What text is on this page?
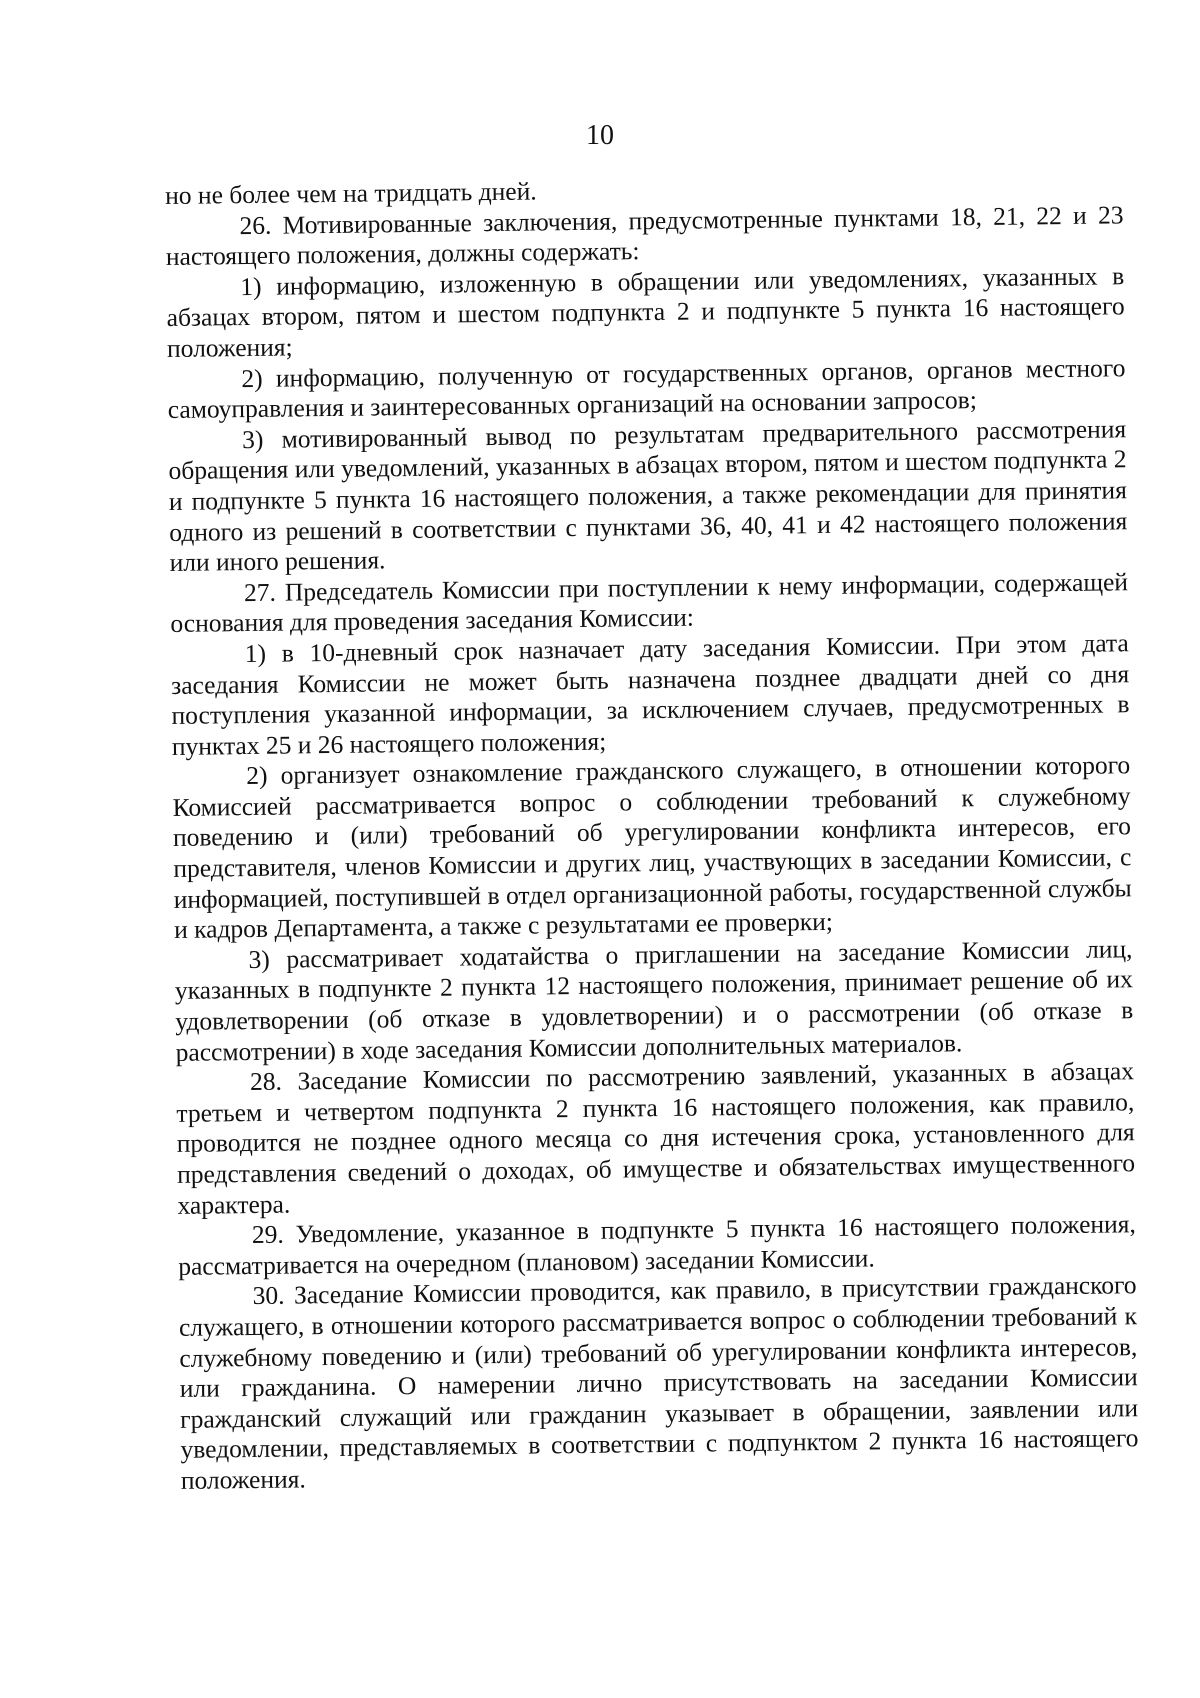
10

но не более чем на тридцать дней.

26. Мотивированные заключения, предусмотренные пунктами 18, 21, 22 и 23 настоящего положения, должны содержать:

1) информацию, изложенную в обращении или уведомлениях, указанных в абзацах втором, пятом и шестом подпункта 2 и подпункте 5 пункта 16 настоящего положения;

2) информацию, полученную от государственных органов, органов местного самоуправления и заинтересованных организаций на основании запросов;

3) мотивированный вывод по результатам предварительного рассмотрения обращения или уведомлений, указанных в абзацах втором, пятом и шестом подпункта 2 и подпункте 5 пункта 16 настоящего положения, а также рекомендации для принятия одного из решений в соответствии с пунктами 36, 40, 41 и 42 настоящего положения или иного решения.

27. Председатель Комиссии при поступлении к нему информации, содержащей основания для проведения заседания Комиссии:

1) в 10-дневный срок назначает дату заседания Комиссии. При этом дата заседания Комиссии не может быть назначена позднее двадцати дней со дня поступления указанной информации, за исключением случаев, предусмотренных в пунктах 25 и 26 настоящего положения;

2) организует ознакомление гражданского служащего, в отношении которого Комиссией рассматривается вопрос о соблюдении требований к служебному поведению и (или) требований об урегулировании конфликта интересов, его представителя, членов Комиссии и других лиц, участвующих в заседании Комиссии, с информацией, поступившей в отдел организационной работы, государственной службы и кадров Департамента, а также с результатами ее проверки;

3) рассматривает ходатайства о приглашении на заседание Комиссии лиц, указанных в подпункте 2 пункта 12 настоящего положения, принимает решение об их удовлетворении (об отказе в удовлетворении) и о рассмотрении (об отказе в рассмотрении) в ходе заседания Комиссии дополнительных материалов.

28. Заседание Комиссии по рассмотрению заявлений, указанных в абзацах третьем и четвертом подпункта 2 пункта 16 настоящего положения, как правило, проводится не позднее одного месяца со дня истечения срока, установленного для представления сведений о доходах, об имуществе и обязательствах имущественного характера.

29. Уведомление, указанное в подпункте 5 пункта 16 настоящего положения, рассматривается на очередном (плановом) заседании Комиссии.

30. Заседание Комиссии проводится, как правило, в присутствии гражданского служащего, в отношении которого рассматривается вопрос о соблюдении требований к служебному поведению и (или) требований об урегулировании конфликта интересов, или гражданина. О намерении лично присутствовать на заседании Комиссии гражданский служащий или гражданин указывает в обращении, заявлении или уведомлении, представляемых в соответствии с подпунктом 2 пункта 16 настоящего положения.
